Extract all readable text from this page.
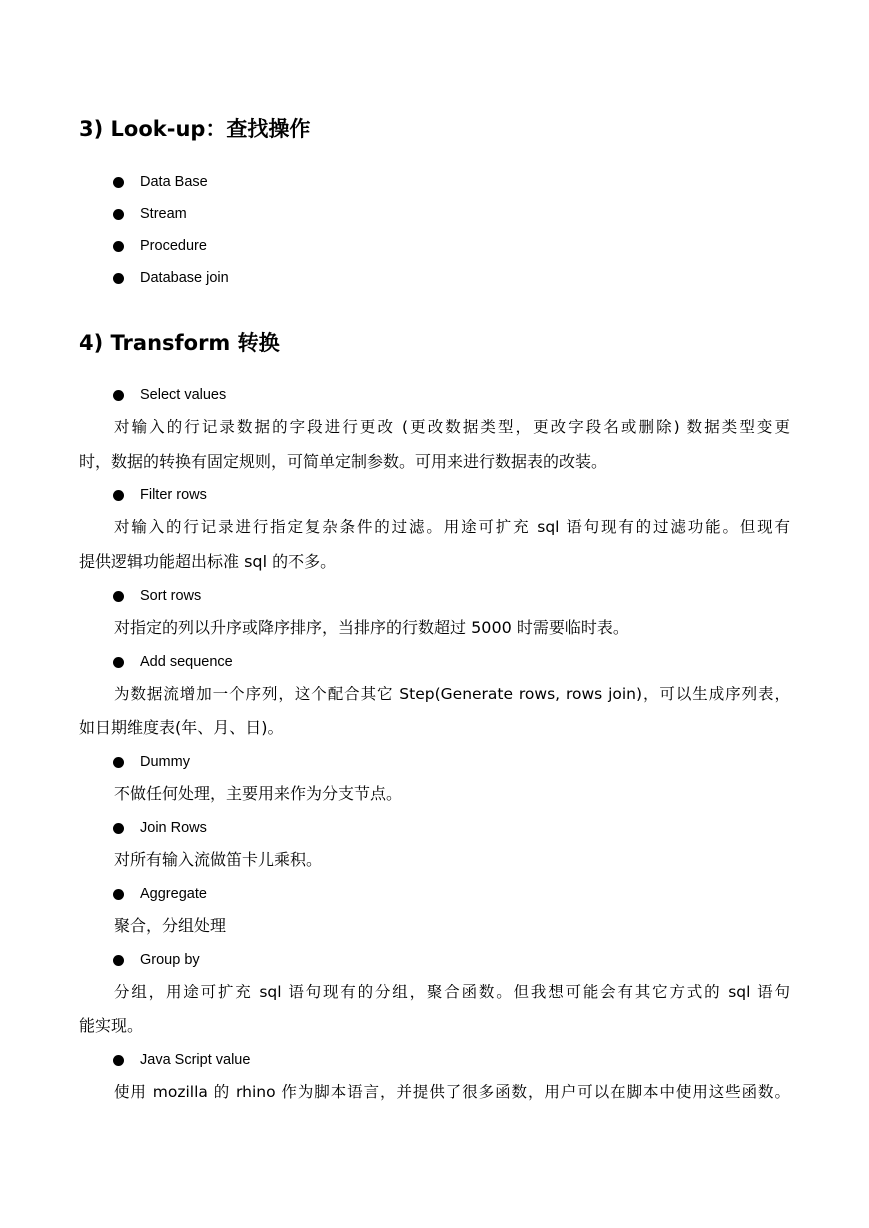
3) Look-up：查找操作
Data Base
Stream
Procedure
Database join
4) Transform 转换
Select values
对输入的行记录数据的字段进行更改 (更改数据类型，更改字段名或删除) 数据类型变更
时，数据的转换有固定规则，可简单定制参数。可用来进行数据表的改装。
Filter rows
对输入的行记录进行指定复杂条件的过滤。用途可扩充 sql 语句现有的过滤功能。但现有
提供逻辑功能超出标准 sql 的不多。
Sort rows
对指定的列以升序或降序排序，当排序的行数超过 5000 时需要临时表。
Add sequence
为数据流增加一个序列，这个配合其它 Step(Generate rows, rows join)，可以生成序列表，
如日期维度表(年、月、日)。
Dummy
不做任何处理，主要用来作为分支节点。
Join Rows
对所有输入流做笛卡儿乘积。
Aggregate
聚合，分组处理
Group by
分组，用途可扩充 sql 语句现有的分组，聚合函数。但我想可能会有其它方式的 sql 语句
能实现。
Java Script value
使用 mozilla 的 rhino 作为脚本语言，并提供了很多函数，用户可以在脚本中使用这些函数。
